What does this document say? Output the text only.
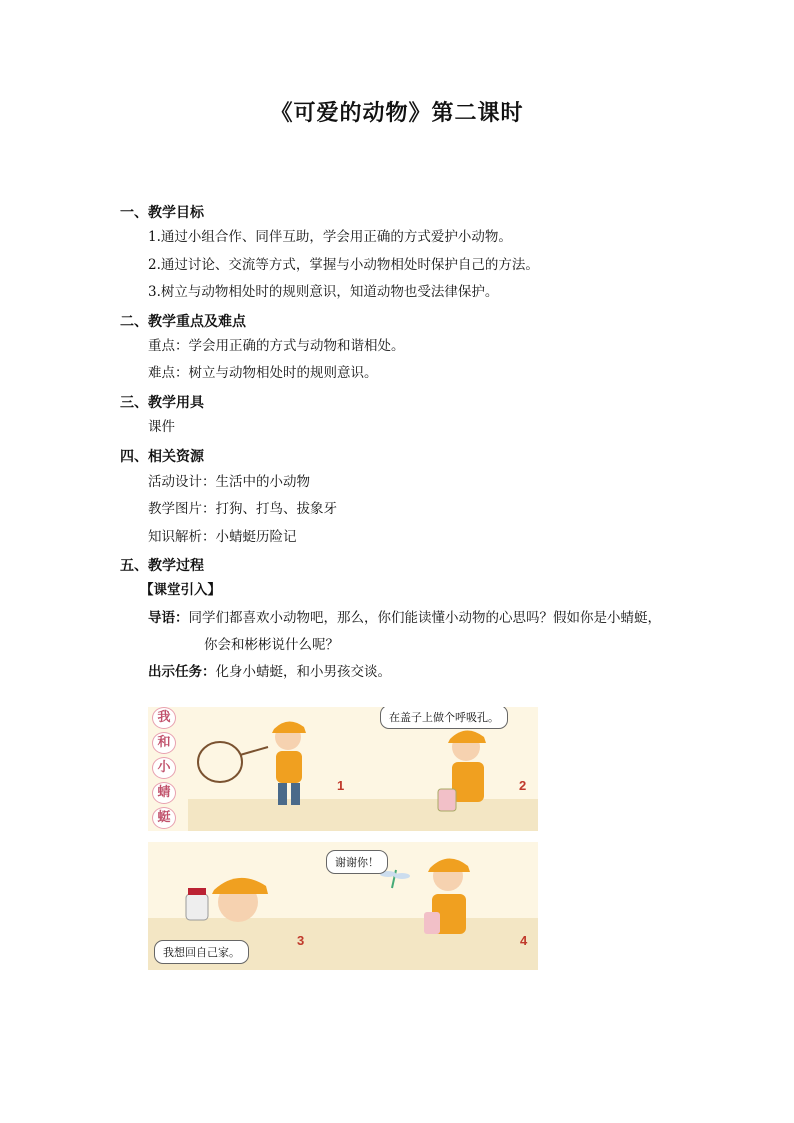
《可爱的动物》第二课时
一、教学目标
1.通过小组合作、同伴互助，学会用正确的方式爱护小动物。
2.通过讨论、交流等方式，掌握与小动物相处时保护自己的方法。
3.树立与动物相处时的规则意识，知道动物也受法律保护。
二、教学重点及难点
重点：学会用正确的方式与动物和谐相处。
难点：树立与动物相处时的规则意识。
三、教学用具
课件
四、相关资源
活动设计：生活中的小动物
教学图片：打狗、打鸟、拔象牙
知识解析：小蜻蜓历险记
五、教学过程
【课堂引入】
导语：同学们都喜欢小动物吧，那么，你们能读懂小动物的心思吗？假如你是小蜻蜓，
你会和彬彬说什么呢？
出示任务：化身小蜻蜓，和小男孩交谈。
我
和
小
蜻
蜓
1	2
在盖子上做个呼吸孔。
3	4
谢谢你！
我想回自己家。
